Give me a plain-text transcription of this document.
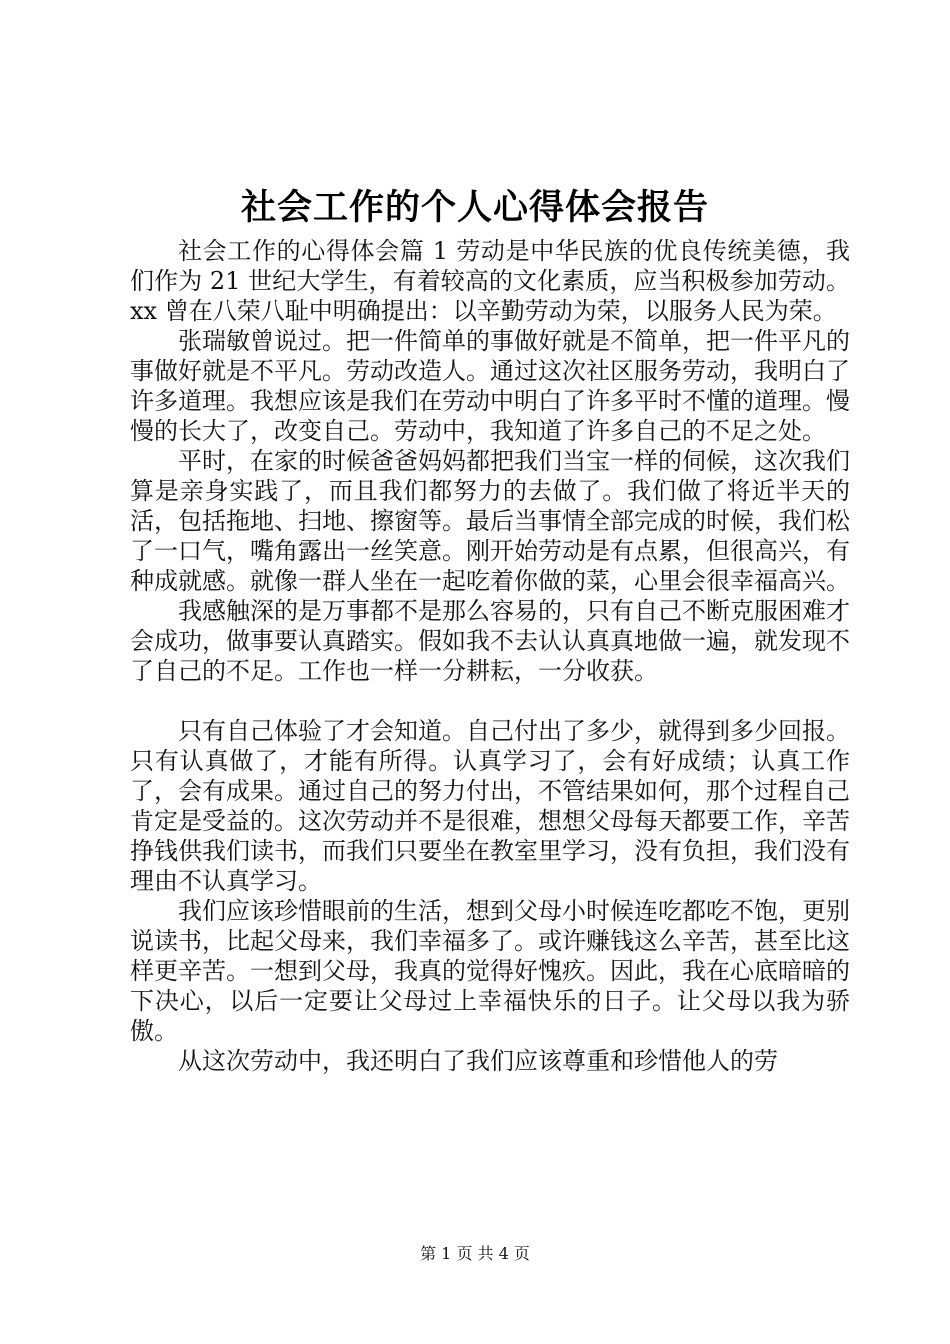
社会工作的个人心得体会报告

社会工作的心得体会篇 1 劳动是中华民族的优良传统美德，我们作为 21 世纪大学生，有着较高的文化素质，应当积极参加劳动。xx 曾在八荣八耻中明确提出：以辛勤劳动为荣，以服务人民为荣。

张瑞敏曾说过。把一件简单的事做好就是不简单，把一件平凡的事做好就是不平凡。劳动改造人。通过这次社区服务劳动，我明白了许多道理。我想应该是我们在劳动中明白了许多平时不懂的道理。慢慢的长大了，改变自己。劳动中，我知道了许多自己的不足之处。

平时，在家的时候爸爸妈妈都把我们当宝一样的伺候，这次我们算是亲身实践了，而且我们都努力的去做了。我们做了将近半天的活，包括拖地、扫地、擦窗等。最后当事情全部完成的时候，我们松了一口气，嘴角露出一丝笑意。刚开始劳动是有点累，但很高兴，有种成就感。就像一群人坐在一起吃着你做的菜，心里会很幸福高兴。

我感触深的是万事都不是那么容易的，只有自己不断克服困难才会成功，做事要认真踏实。假如我不去认认真真地做一遍，就发现不了自己的不足。工作也一样一分耕耘，一分收获。

只有自己体验了才会知道。自己付出了多少，就得到多少回报。只有认真做了，才能有所得。认真学习了，会有好成绩；认真工作了，会有成果。通过自己的努力付出，不管结果如何，那个过程自己肯定是受益的。这次劳动并不是很难，想想父母每天都要工作，辛苦挣钱供我们读书，而我们只要坐在教室里学习，没有负担，我们没有理由不认真学习。

我们应该珍惜眼前的生活，想到父母小时候连吃都吃不饱，更别说读书，比起父母来，我们幸福多了。或许赚钱这么辛苦，甚至比这样更辛苦。一想到父母，我真的觉得好愧疚。因此，我在心底暗暗的下决心，以后一定要让父母过上幸福快乐的日子。让父母以我为骄傲。

从这次劳动中，我还明白了我们应该尊重和珍惜他人的劳

第 1 页 共 4 页
